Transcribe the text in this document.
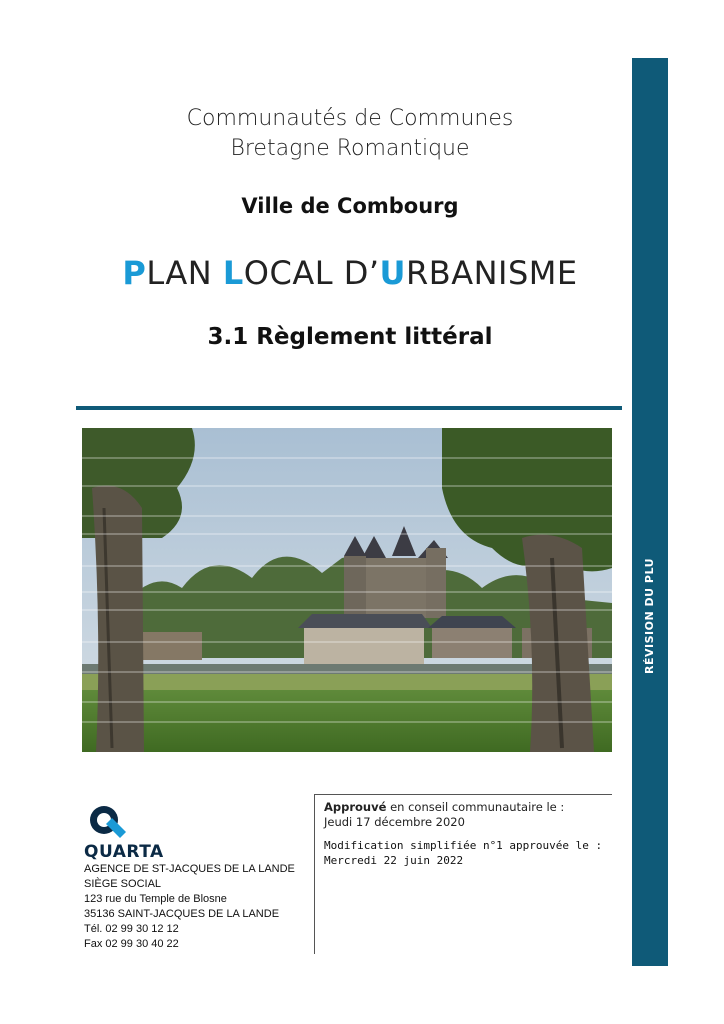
RÉVISION DU PLU
Communautés de Communes
Bretagne Romantique
Ville de Combourg
PLAN LOCAL D’URBANISME
3.1 Règlement littéral
QUARTA
AGENCE DE ST-JACQUES DE LA LANDE
SIÈGE SOCIAL
123 rue du Temple de Blosne
35136 SAINT-JACQUES DE LA LANDE
Tél. 02 99 30 12 12
Fax 02 99 30 40 22
Approuvé en conseil communautaire le :
Jeudi 17 décembre 2020
Modification simplifiée n°1 approuvée le :
Mercredi 22 juin 2022
